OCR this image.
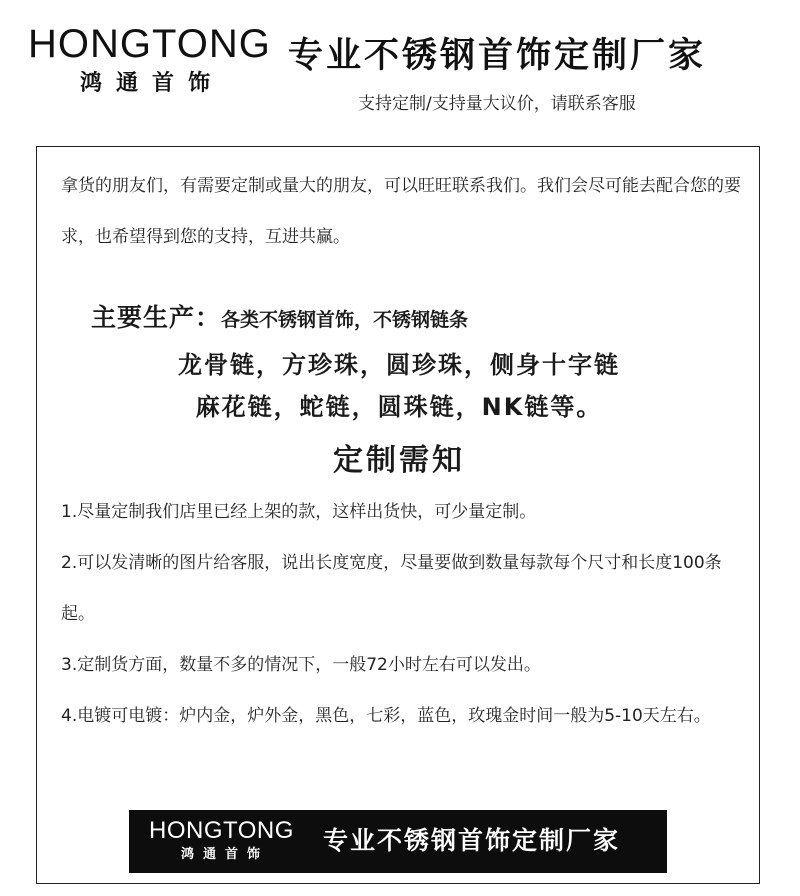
HONGTONG
鸿通首饰
专业不锈钢首饰定制厂家
支持定制/支持量大议价，请联系客服

拿货的朋友们，有需要定制或量大的朋友，可以旺旺联系我们。我们会尽可能去配合您的要求，也希望得到您的支持，互进共赢。

主要生产：各类不锈钢首饰，不锈钢链条
龙骨链，方珍珠，圆珍珠，侧身十字链
麻花链，蛇链，圆珠链，NK链等。
定制需知

1.尽量定制我们店里已经上架的款，这样出货快，可少量定制。

2.可以发清晰的图片给客服，说出长度宽度，尽量要做到数量每款每个尺寸和长度100条起。

3.定制货方面，数量不多的情况下，一般72小时左右可以发出。

4.电镀可电镀：炉内金，炉外金，黑色，七彩，蓝色，玫瑰金时间一般为5-10天左右。

HONGTONG
鸿通首饰 专业不锈钢首饰定制厂家
